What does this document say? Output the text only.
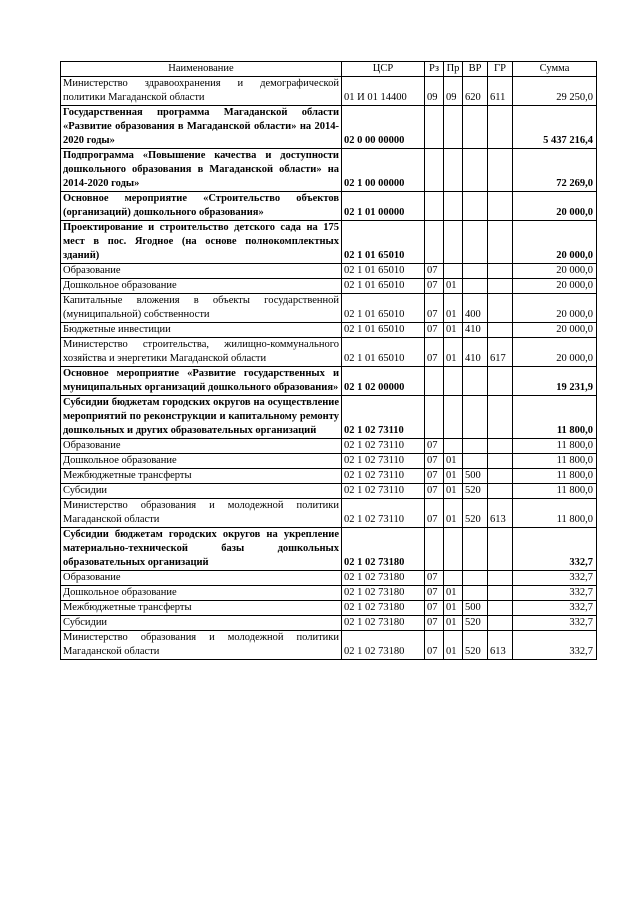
Наименование	ЦСР	Рз	Пр	ВР	ГР	Сумма
Министерство здравоохранения и демографической политики Магаданской области	01 И 01 14400	09	09	620	611	29 250,0
Государственная программа Магаданской области «Развитие образования в Магаданской области» на 2014-2020 годы»	02 0 00 00000					5 437 216,4
Подпрограмма «Повышение качества и доступности дошкольного образования в Магаданской области» на 2014-2020 годы»	02 1 00 00000					72 269,0
Основное мероприятие «Строительство объектов (организаций) дошкольного образования»	02 1 01 00000					20 000,0
Проектирование и строительство детского сада на 175 мест в пос. Ягодное (на основе полнокомплектных зданий)	02 1 01 65010					20 000,0
Образование	02 1 01 65010	07				20 000,0
Дошкольное образование	02 1 01 65010	07	01			20 000,0
Капитальные вложения в объекты государственной (муниципальной) собственности	02 1 01 65010	07	01	400		20 000,0
Бюджетные инвестиции	02 1 01 65010	07	01	410		20 000,0
Министерство строительства, жилищно-коммунального хозяйства и энергетики Магаданской области	02 1 01 65010	07	01	410	617	20 000,0
Основное мероприятие «Развитие государственных и муниципальных организаций дошкольного образования»	02 1 02 00000					19 231,9
Субсидии бюджетам городских округов на осуществление мероприятий по реконструкции и капитальному ремонту дошкольных и других образовательных организаций	02 1 02 73110					11 800,0
Образование	02 1 02 73110	07				11 800,0
Дошкольное образование	02 1 02 73110	07	01			11 800,0
Межбюджетные трансферты	02 1 02 73110	07	01	500		11 800,0
Субсидии	02 1 02 73110	07	01	520		11 800,0
Министерство образования и молодежной политики Магаданской области	02 1 02 73110	07	01	520	613	11 800,0
Субсидии бюджетам городских округов на укрепление материально-технической базы дошкольных образовательных организаций	02 1 02 73180					332,7
Образование	02 1 02 73180	07				332,7
Дошкольное образование	02 1 02 73180	07	01			332,7
Межбюджетные трансферты	02 1 02 73180	07	01	500		332,7
Субсидии	02 1 02 73180	07	01	520		332,7
Министерство образования и молодежной политики Магаданской области	02 1 02 73180	07	01	520	613	332,7
